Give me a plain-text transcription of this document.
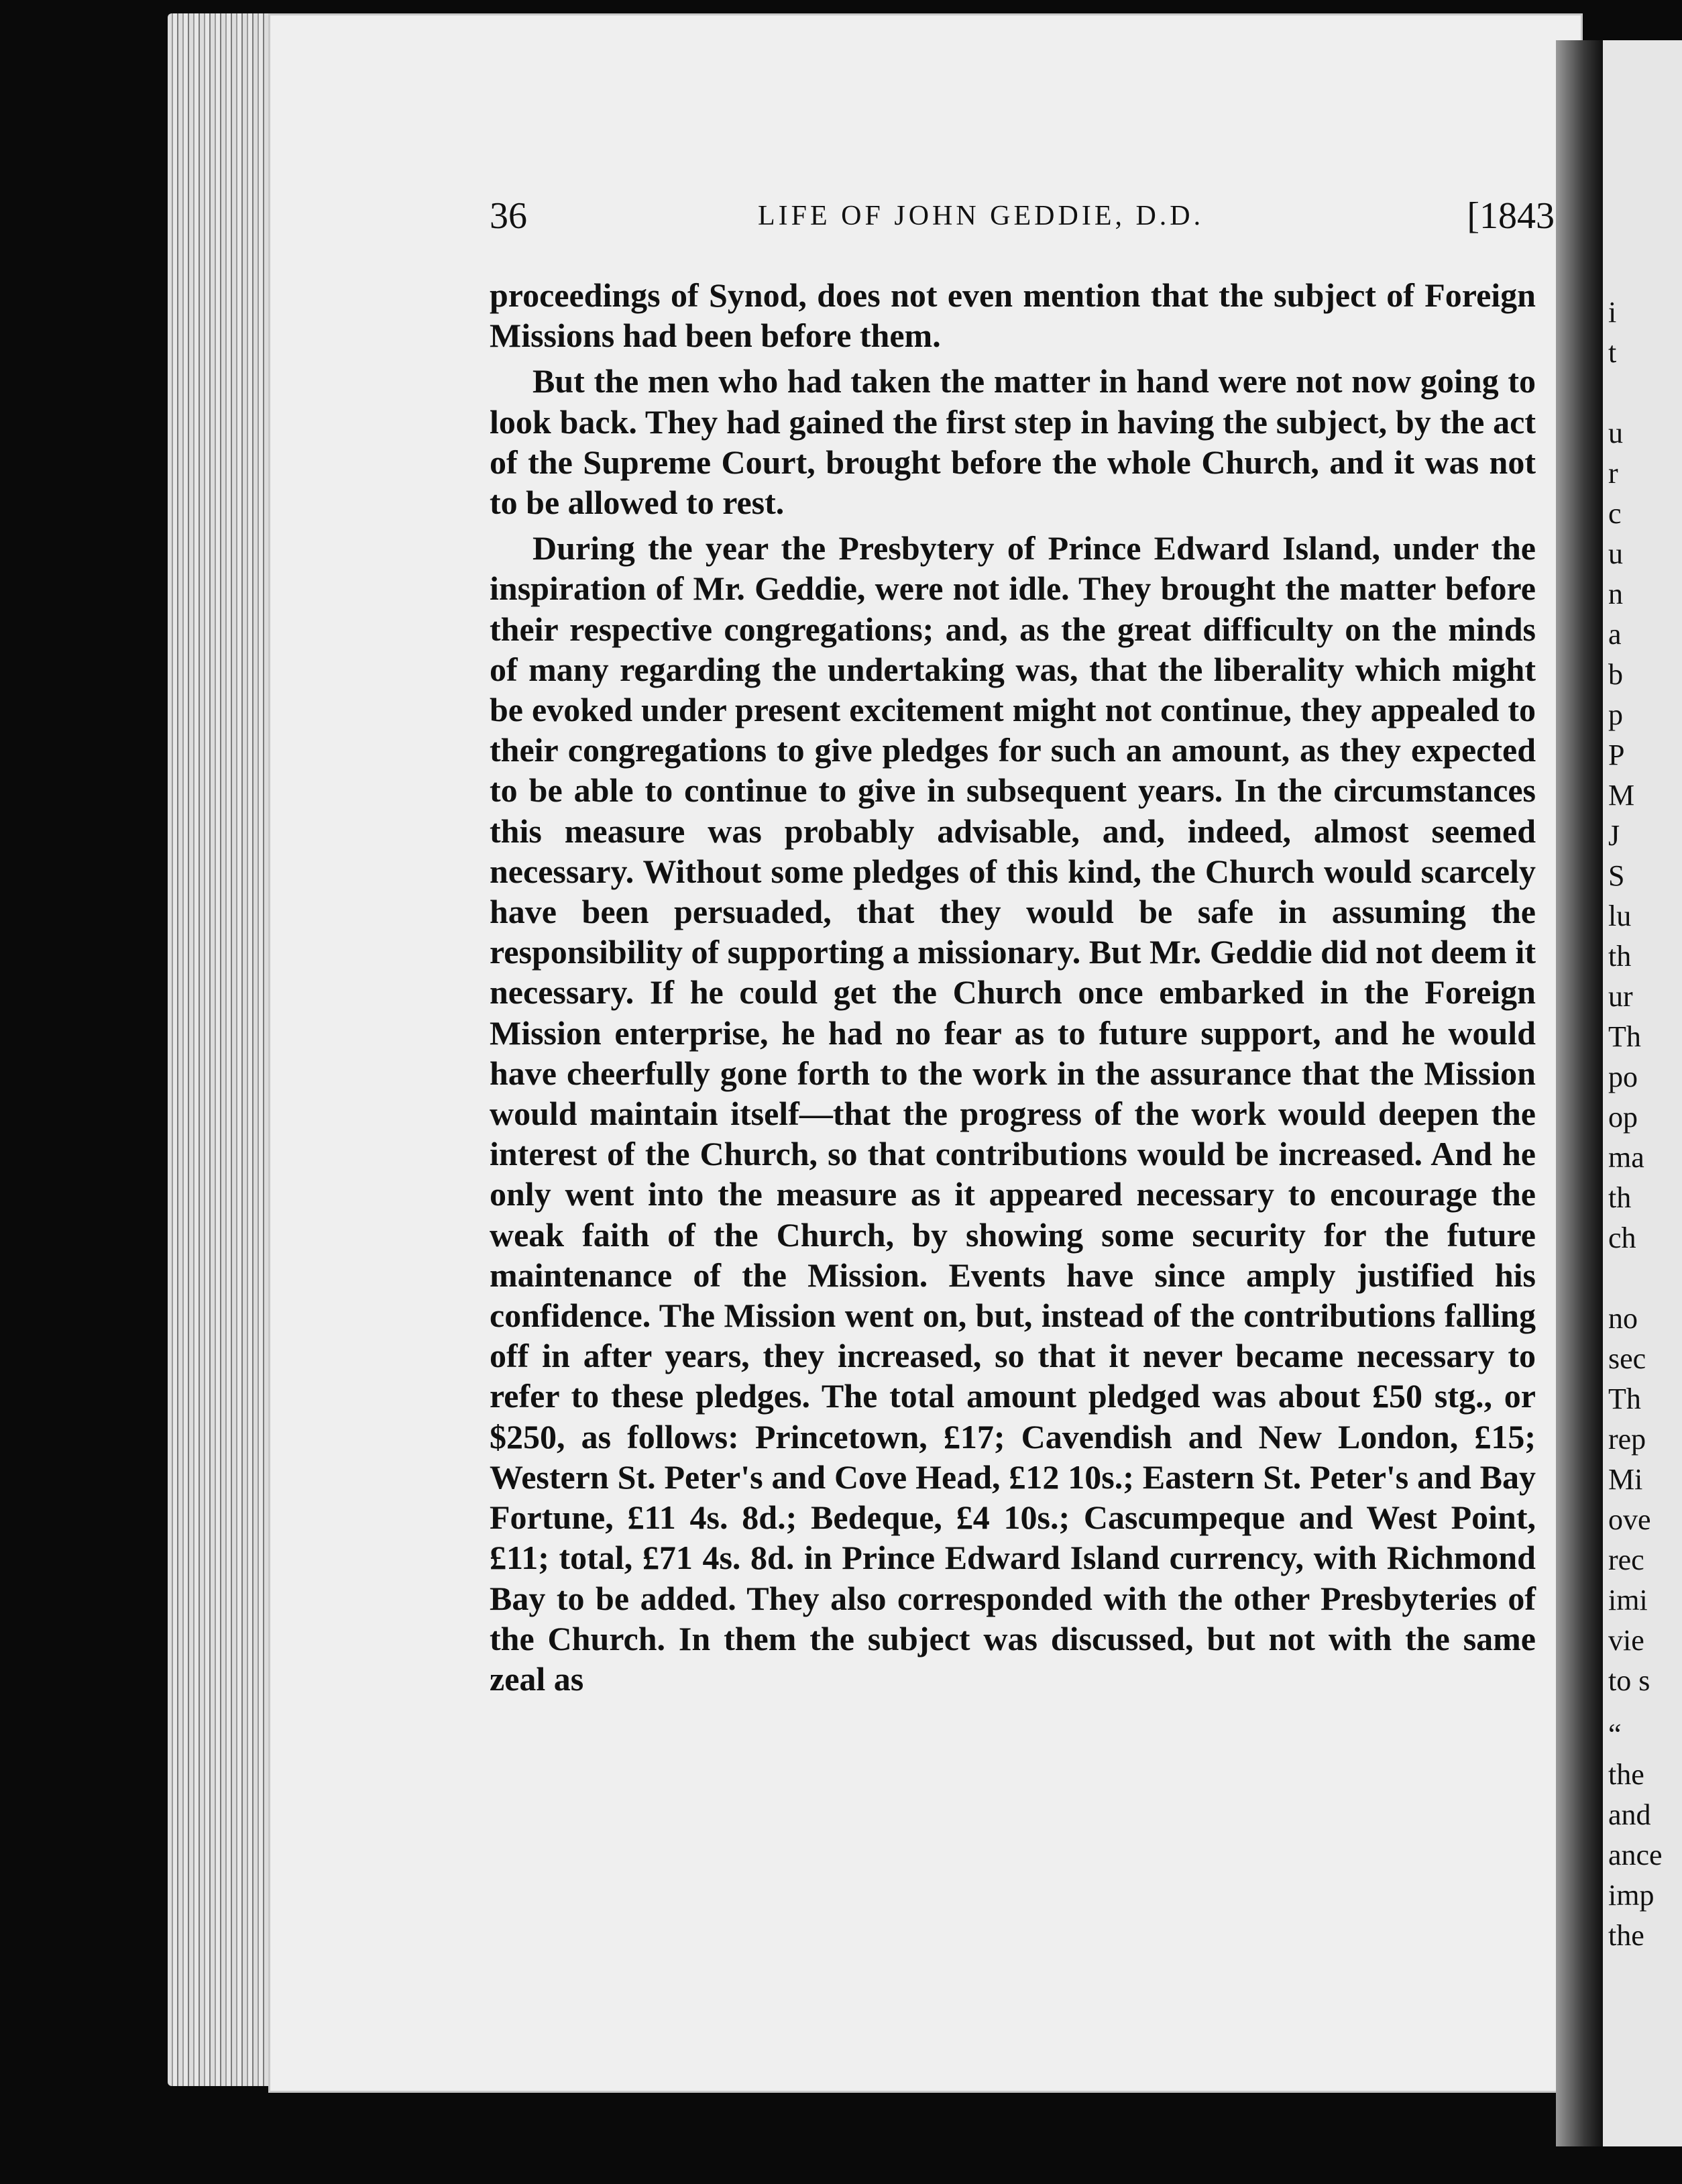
i
t
u
r
c
u
n
a
b
p
P
M
J
S
lu
th
ur
Th
po
op
ma
th
ch
no
sec
Th
rep
Mi
ove
rec
imi
vie
to s
“
the
and
ance
imp
the
36	LIFE OF JOHN GEDDIE, D.D.	[1843

proceedings of Synod, does not even mention that the subject of Foreign Missions had been before them.

But the men who had taken the matter in hand were not now going to look back. They had gained the first step in having the subject, by the act of the Supreme Court, brought before the whole Church, and it was not to be allowed to rest.

During the year the Presbytery of Prince Edward Island, under the inspiration of Mr. Geddie, were not idle. They brought the matter before their respective congregations; and, as the great difficulty on the minds of many regarding the undertaking was, that the liberality which might be evoked under present excitement might not continue, they appealed to their congregations to give pledges for such an amount, as they expected to be able to continue to give in subsequent years. In the circumstances this measure was probably advisable, and, indeed, almost seemed necessary. Without some pledges of this kind, the Church would scarcely have been persuaded, that they would be safe in assuming the responsibility of supporting a missionary. But Mr. Geddie did not deem it necessary. If he could get the Church once embarked in the Foreign Mission enterprise, he had no fear as to future support, and he would have cheerfully gone forth to the work in the assurance that the Mission would maintain itself—that the progress of the work would deepen the interest of the Church, so that contributions would be increased. And he only went into the measure as it appeared necessary to encourage the weak faith of the Church, by showing some security for the future maintenance of the Mission. Events have since amply justified his confidence. The Mission went on, but, instead of the contributions falling off in after years, they increased, so that it never became necessary to refer to these pledges. The total amount pledged was about £50 stg., or $250, as follows: Princetown, £17; Cavendish and New London, £15; Western St. Peter's and Cove Head, £12 10s.; Eastern St. Peter's and Bay Fortune, £11 4s. 8d.; Bedeque, £4 10s.; Cascumpeque and West Point, £11; total, £71 4s. 8d. in Prince Edward Island currency, with Richmond Bay to be added. They also corresponded with the other Presbyteries of the Church. In them the subject was discussed, but not with the same zeal as
